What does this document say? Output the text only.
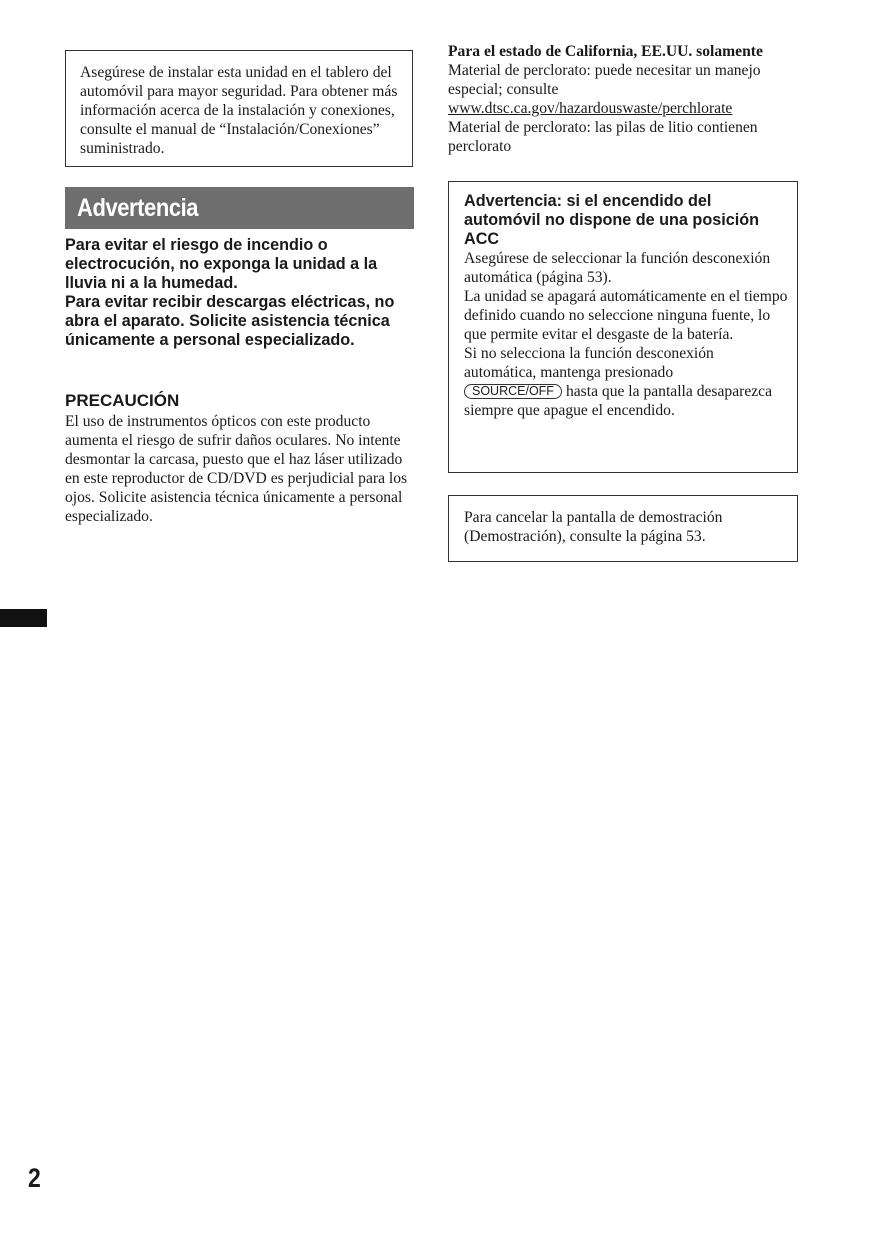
Asegúrese de instalar esta unidad en el tablero del automóvil para mayor seguridad. Para obtener más información acerca de la instalación y conexiones, consulte el manual de “Instalación/Conexiones” suministrado.
Advertencia
Para evitar el riesgo de incendio o electrocución, no exponga la unidad a la lluvia ni a la humedad.
Para evitar recibir descargas eléctricas, no abra el aparato. Solicite asistencia técnica únicamente a personal especializado.
PRECAUCIÓN
El uso de instrumentos ópticos con este producto aumenta el riesgo de sufrir daños oculares. No intente desmontar la carcasa, puesto que el haz láser utilizado en este reproductor de CD/DVD es perjudicial para los ojos. Solicite asistencia técnica únicamente a personal especializado.
Para el estado de California, EE.UU. solamente
Material de perclorato: puede necesitar un manejo especial; consulte
www.dtsc.ca.gov/hazardouswaste/perchlorate
Material de perclorato: las pilas de litio contienen perclorato
Advertencia: si el encendido del automóvil no dispone de una posición ACC
Asegúrese de seleccionar la función desconexión automática (página 53).
La unidad se apagará automáticamente en el tiempo definido cuando no seleccione ninguna fuente, lo que permite evitar el desgaste de la batería.
Si no selecciona la función desconexión automática, mantenga presionado
SOURCE/OFF hasta que la pantalla desaparezca siempre que apague el encendido.
Para cancelar la pantalla de demostración (Demostración), consulte la página 53.
2
